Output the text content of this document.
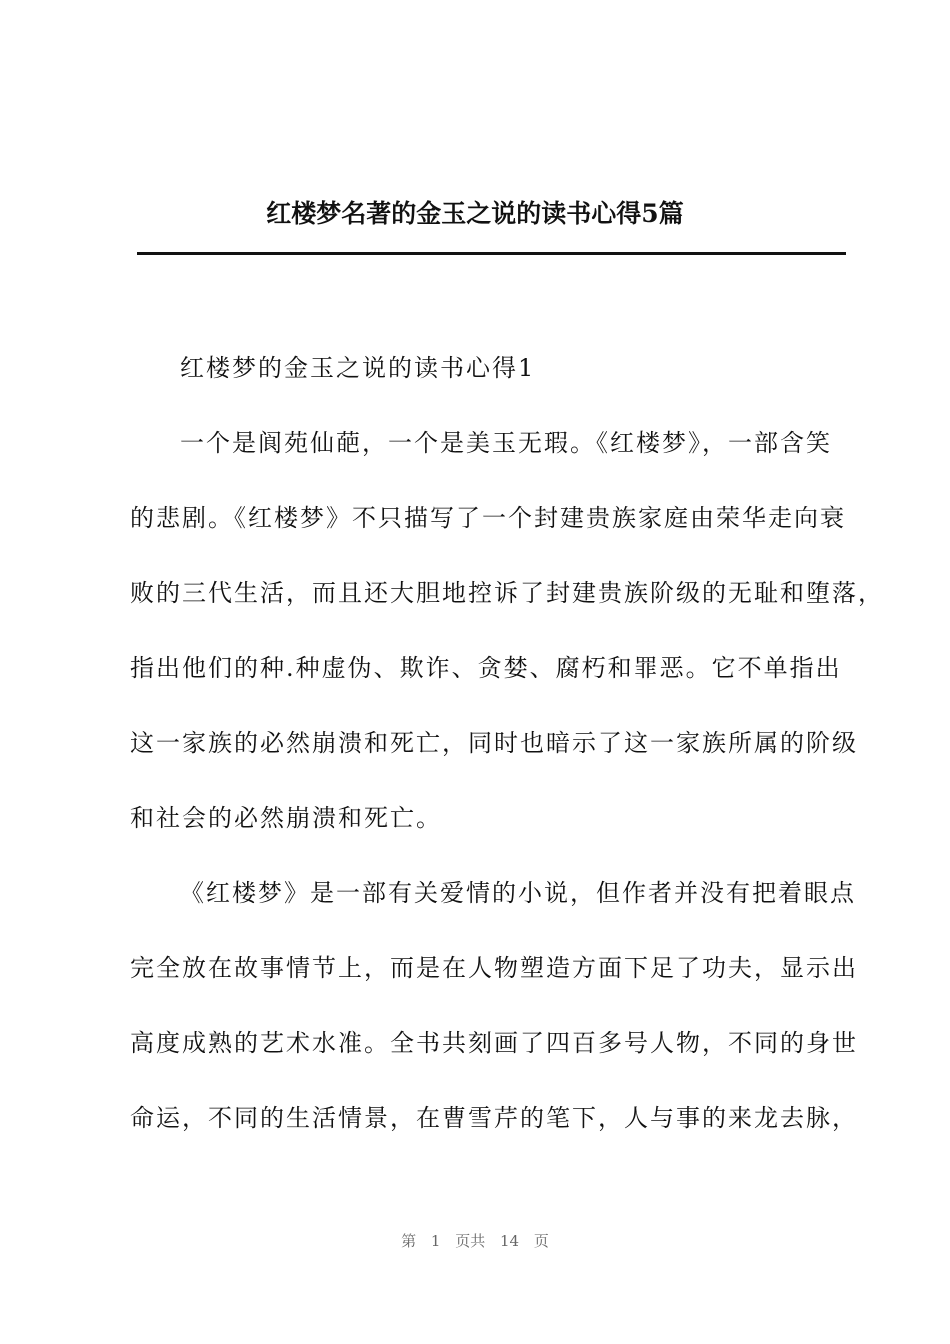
红楼梦名著的金玉之说的读书心得5篇
红楼梦的金玉之说的读书心得1
一个是阆苑仙葩，一个是美玉无瑕。《红楼梦》，一部含笑
的悲剧。《红楼梦》不只描写了一个封建贵族家庭由荣华走向衰
败的三代生活，而且还大胆地控诉了封建贵族阶级的无耻和堕落，
指出他们的种.种虚伪、欺诈、贪婪、腐朽和罪恶。它不单指出
这一家族的必然崩溃和死亡，同时也暗示了这一家族所属的阶级
和社会的必然崩溃和死亡。
《红楼梦》是一部有关爱情的小说，但作者并没有把着眼点
完全放在故事情节上，而是在人物塑造方面下足了功夫，显示出
高度成熟的艺术水准。全书共刻画了四百多号人物，不同的身世
命运，不同的生活情景，在曹雪芹的笔下，人与事的来龙去脉，
第 1 页共 14 页
